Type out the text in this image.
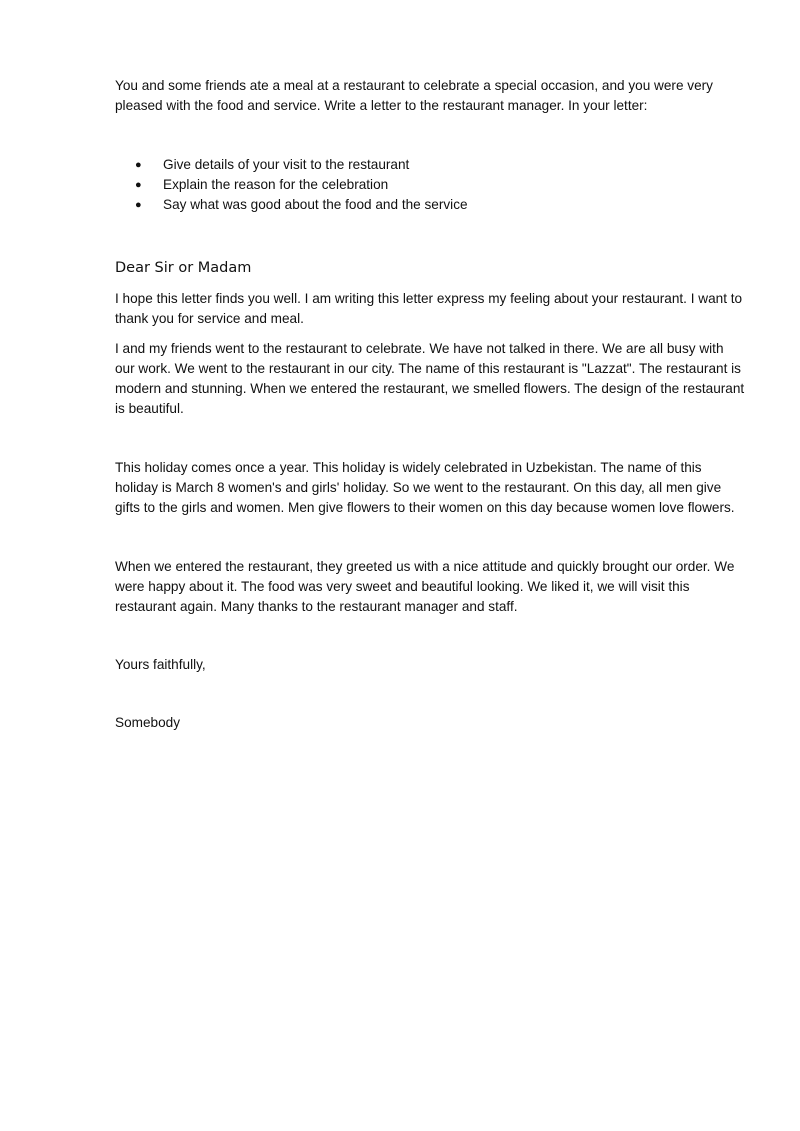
You and some friends ate a meal at a restaurant to celebrate a special occasion, and you were very pleased with the food and service. Write a letter to the restaurant manager. In your letter:

● Give details of your visit to the restaurant
● Explain the reason for the celebration
● Say what was good about the food and the service

Dear Sir or Madam

I hope this letter finds you well. I am writing this letter express my feeling about your restaurant. I want to thank you for service and meal.

I and my friends went to the restaurant to celebrate. We have not talked in there. We are all busy with our work. We went to the restaurant in our city. The name of this restaurant is "Lazzat". The restaurant is modern and stunning. When we entered the restaurant, we smelled flowers. The design of the restaurant is beautiful.

This holiday comes once a year. This holiday is widely celebrated in Uzbekistan. The name of this holiday is March 8 women's and girls' holiday. So we went to the restaurant. On this day, all men give gifts to the girls and women. Men give flowers to their women on this day because women love flowers.

When we entered the restaurant, they greeted us with a nice attitude and quickly brought our order. We were happy about it. The food was very sweet and beautiful looking. We liked it, we will visit this restaurant again. Many thanks to the restaurant manager and staff.

Yours faithfully,

Somebody
